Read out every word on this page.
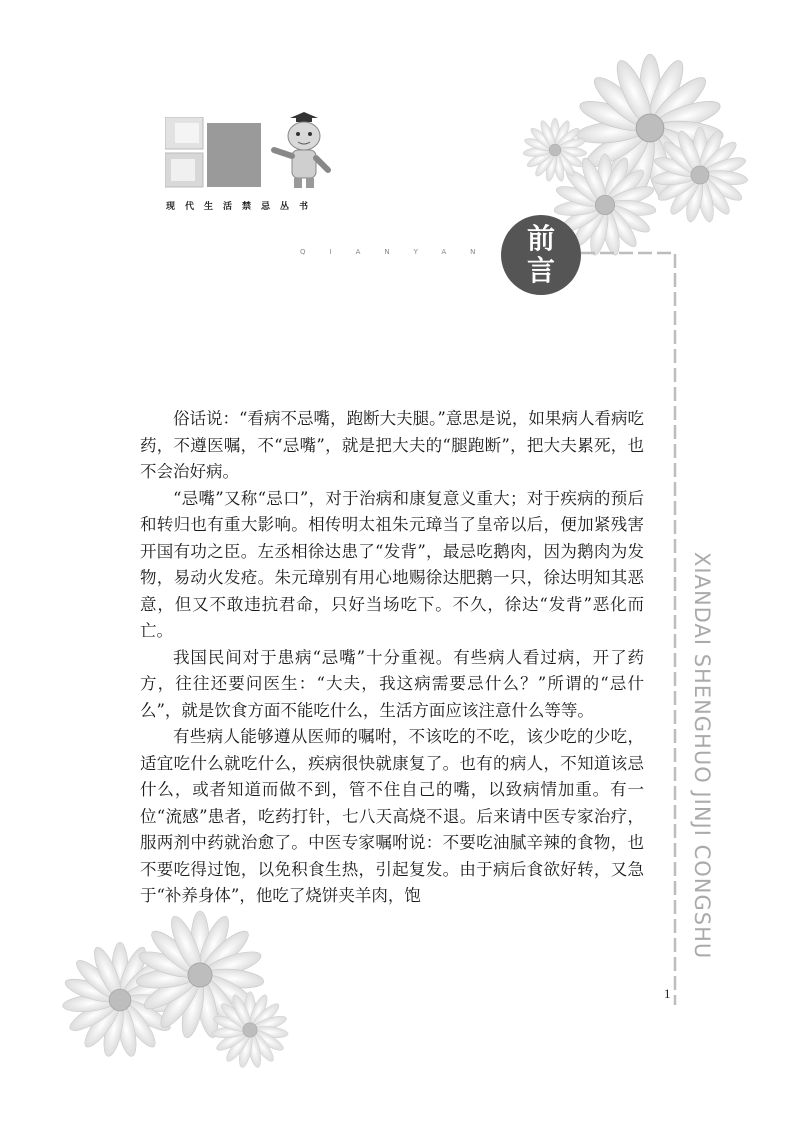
现代生活禁忌丛书
QIANYAN 前言
XIANDAI SHENGHUO JINJI CONGSHU

俗话说：“看病不忌嘴，跑断大夫腿。”意思是说，如果病人看病吃药，不遵医嘱，不“忌嘴”，就是把大夫的“腿跑断”，把大夫累死，也不会治好病。

“忌嘴”又称“忌口”，对于治病和康复意义重大；对于疾病的预后和转归也有重大影响。相传明太祖朱元璋当了皇帝以后，便加紧残害开国有功之臣。左丞相徐达患了“发背”，最忌吃鹅肉，因为鹅肉为发物，易动火发疮。朱元璋别有用心地赐徐达肥鹅一只，徐达明知其恶意，但又不敢违抗君命，只好当场吃下。不久，徐达“发背”恶化而亡。

我国民间对于患病“忌嘴”十分重视。有些病人看过病，开了药方，往往还要问医生：“大夫，我这病需要忌什么？”所谓的“忌什么”，就是饮食方面不能吃什么，生活方面应该注意什么等等。

有些病人能够遵从医师的嘱咐，不该吃的不吃，该少吃的少吃，适宜吃什么就吃什么，疾病很快就康复了。也有的病人，不知道该忌什么，或者知道而做不到，管不住自己的嘴，以致病情加重。有一位“流感”患者，吃药打针，七八天高烧不退。后来请中医专家治疗，服两剂中药就治愈了。中医专家嘱咐说：不要吃油腻辛辣的食物，也不要吃得过饱，以免积食生热，引起复发。由于病后食欲好转，又急于“补养身体”，他吃了烧饼夹羊肉，饱

1
